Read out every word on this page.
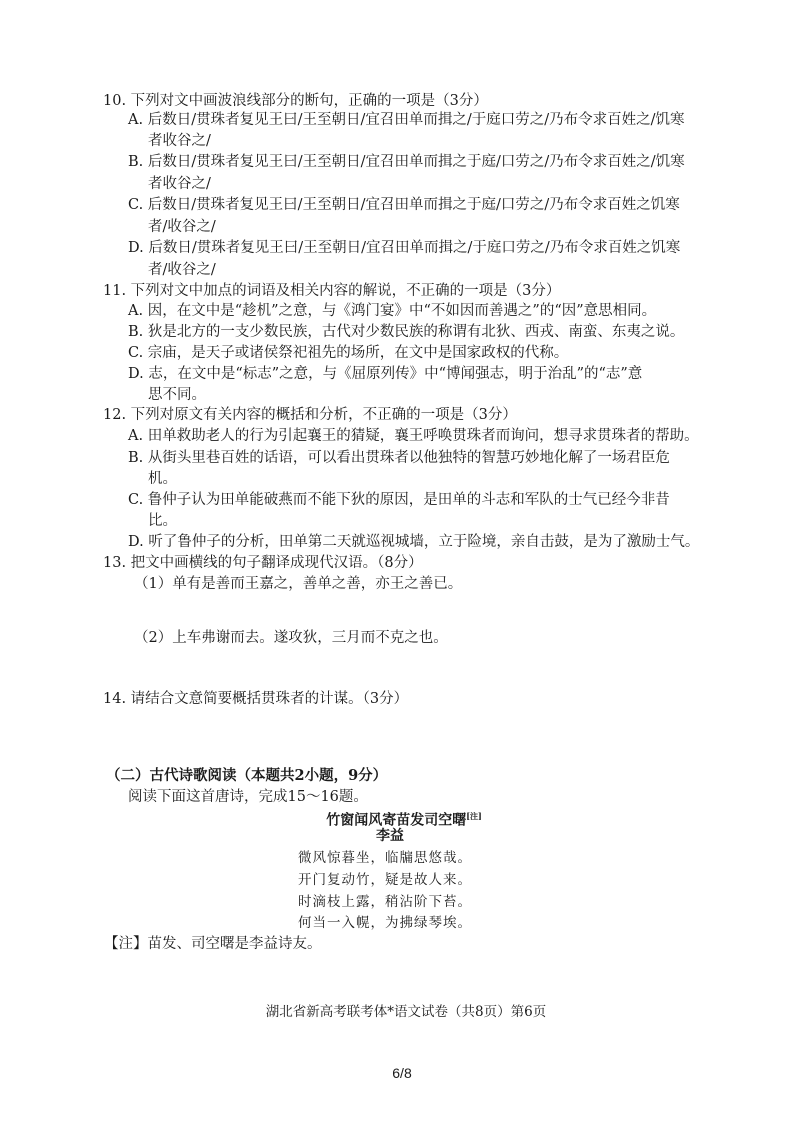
10. 下列对文中画波浪线部分的断句，正确的一项是（3分）
A. 后数日/贯珠者复见王曰/王至朝日/宜召田单而揖之/于庭口劳之/乃布令求百姓之/饥寒
者收谷之/
B. 后数日/贯珠者复见王曰/王至朝日/宜召田单而揖之于庭/口劳之/乃布令求百姓之/饥寒
者收谷之/
C. 后数日/贯珠者复见王曰/王至朝日/宜召田单而揖之于庭/口劳之/乃布令求百姓之饥寒
者/收谷之/
D. 后数日/贯珠者复见王曰/王至朝日/宜召田单而揖之/于庭口劳之/乃布令求百姓之饥寒
者/收谷之/
11. 下列对文中加点的词语及相关内容的解说，不正确的一项是（3分）
A. 因，在文中是“趁机”之意，与《鸿门宴》中“不如因而善遇之”的“因”意思相同。
B. 狄是北方的一支少数民族，古代对少数民族的称谓有北狄、西戎、南蛮、东夷之说。
C. 宗庙，是天子或诸侯祭祀祖先的场所，在文中是国家政权的代称。
D. 志，在文中是“标志”之意，与《屈原列传》中“博闻强志，明于治乱”的“志”意
思不同。
12. 下列对原文有关内容的概括和分析，不正确的一项是（3分）
A. 田单救助老人的行为引起襄王的猜疑，襄王呼唤贯珠者而询问，想寻求贯珠者的帮助。
B. 从街头里巷百姓的话语，可以看出贯珠者以他独特的智慧巧妙地化解了一场君臣危
机。
C. 鲁仲子认为田单能破燕而不能下狄的原因，是田单的斗志和军队的士气已经今非昔
比。
D. 听了鲁仲子的分析，田单第二天就巡视城墙，立于险境，亲自击鼓，是为了激励士气。
13. 把文中画横线的句子翻译成现代汉语。（8分）
（1）单有是善而王嘉之，善单之善，亦王之善已。
（2）上车弗谢而去。遂攻狄，三月而不克之也。
14. 请结合文意简要概括贯珠者的计谋。（3分）
（二）古代诗歌阅读（本题共2小题，9分）
阅读下面这首唐诗，完成15～16题。
竹窗闻风寄苗发司空曙[注]
李益
微风惊暮坐，临牖思悠哉。
开门复动竹，疑是故人来。
时滴枝上露，稍沾阶下苔。
何当一入幌，为拂绿琴埃。
【注】苗发、司空曙是李益诗友。
湖北省新高考联考体*语文试卷（共8页）第6页
6/8
